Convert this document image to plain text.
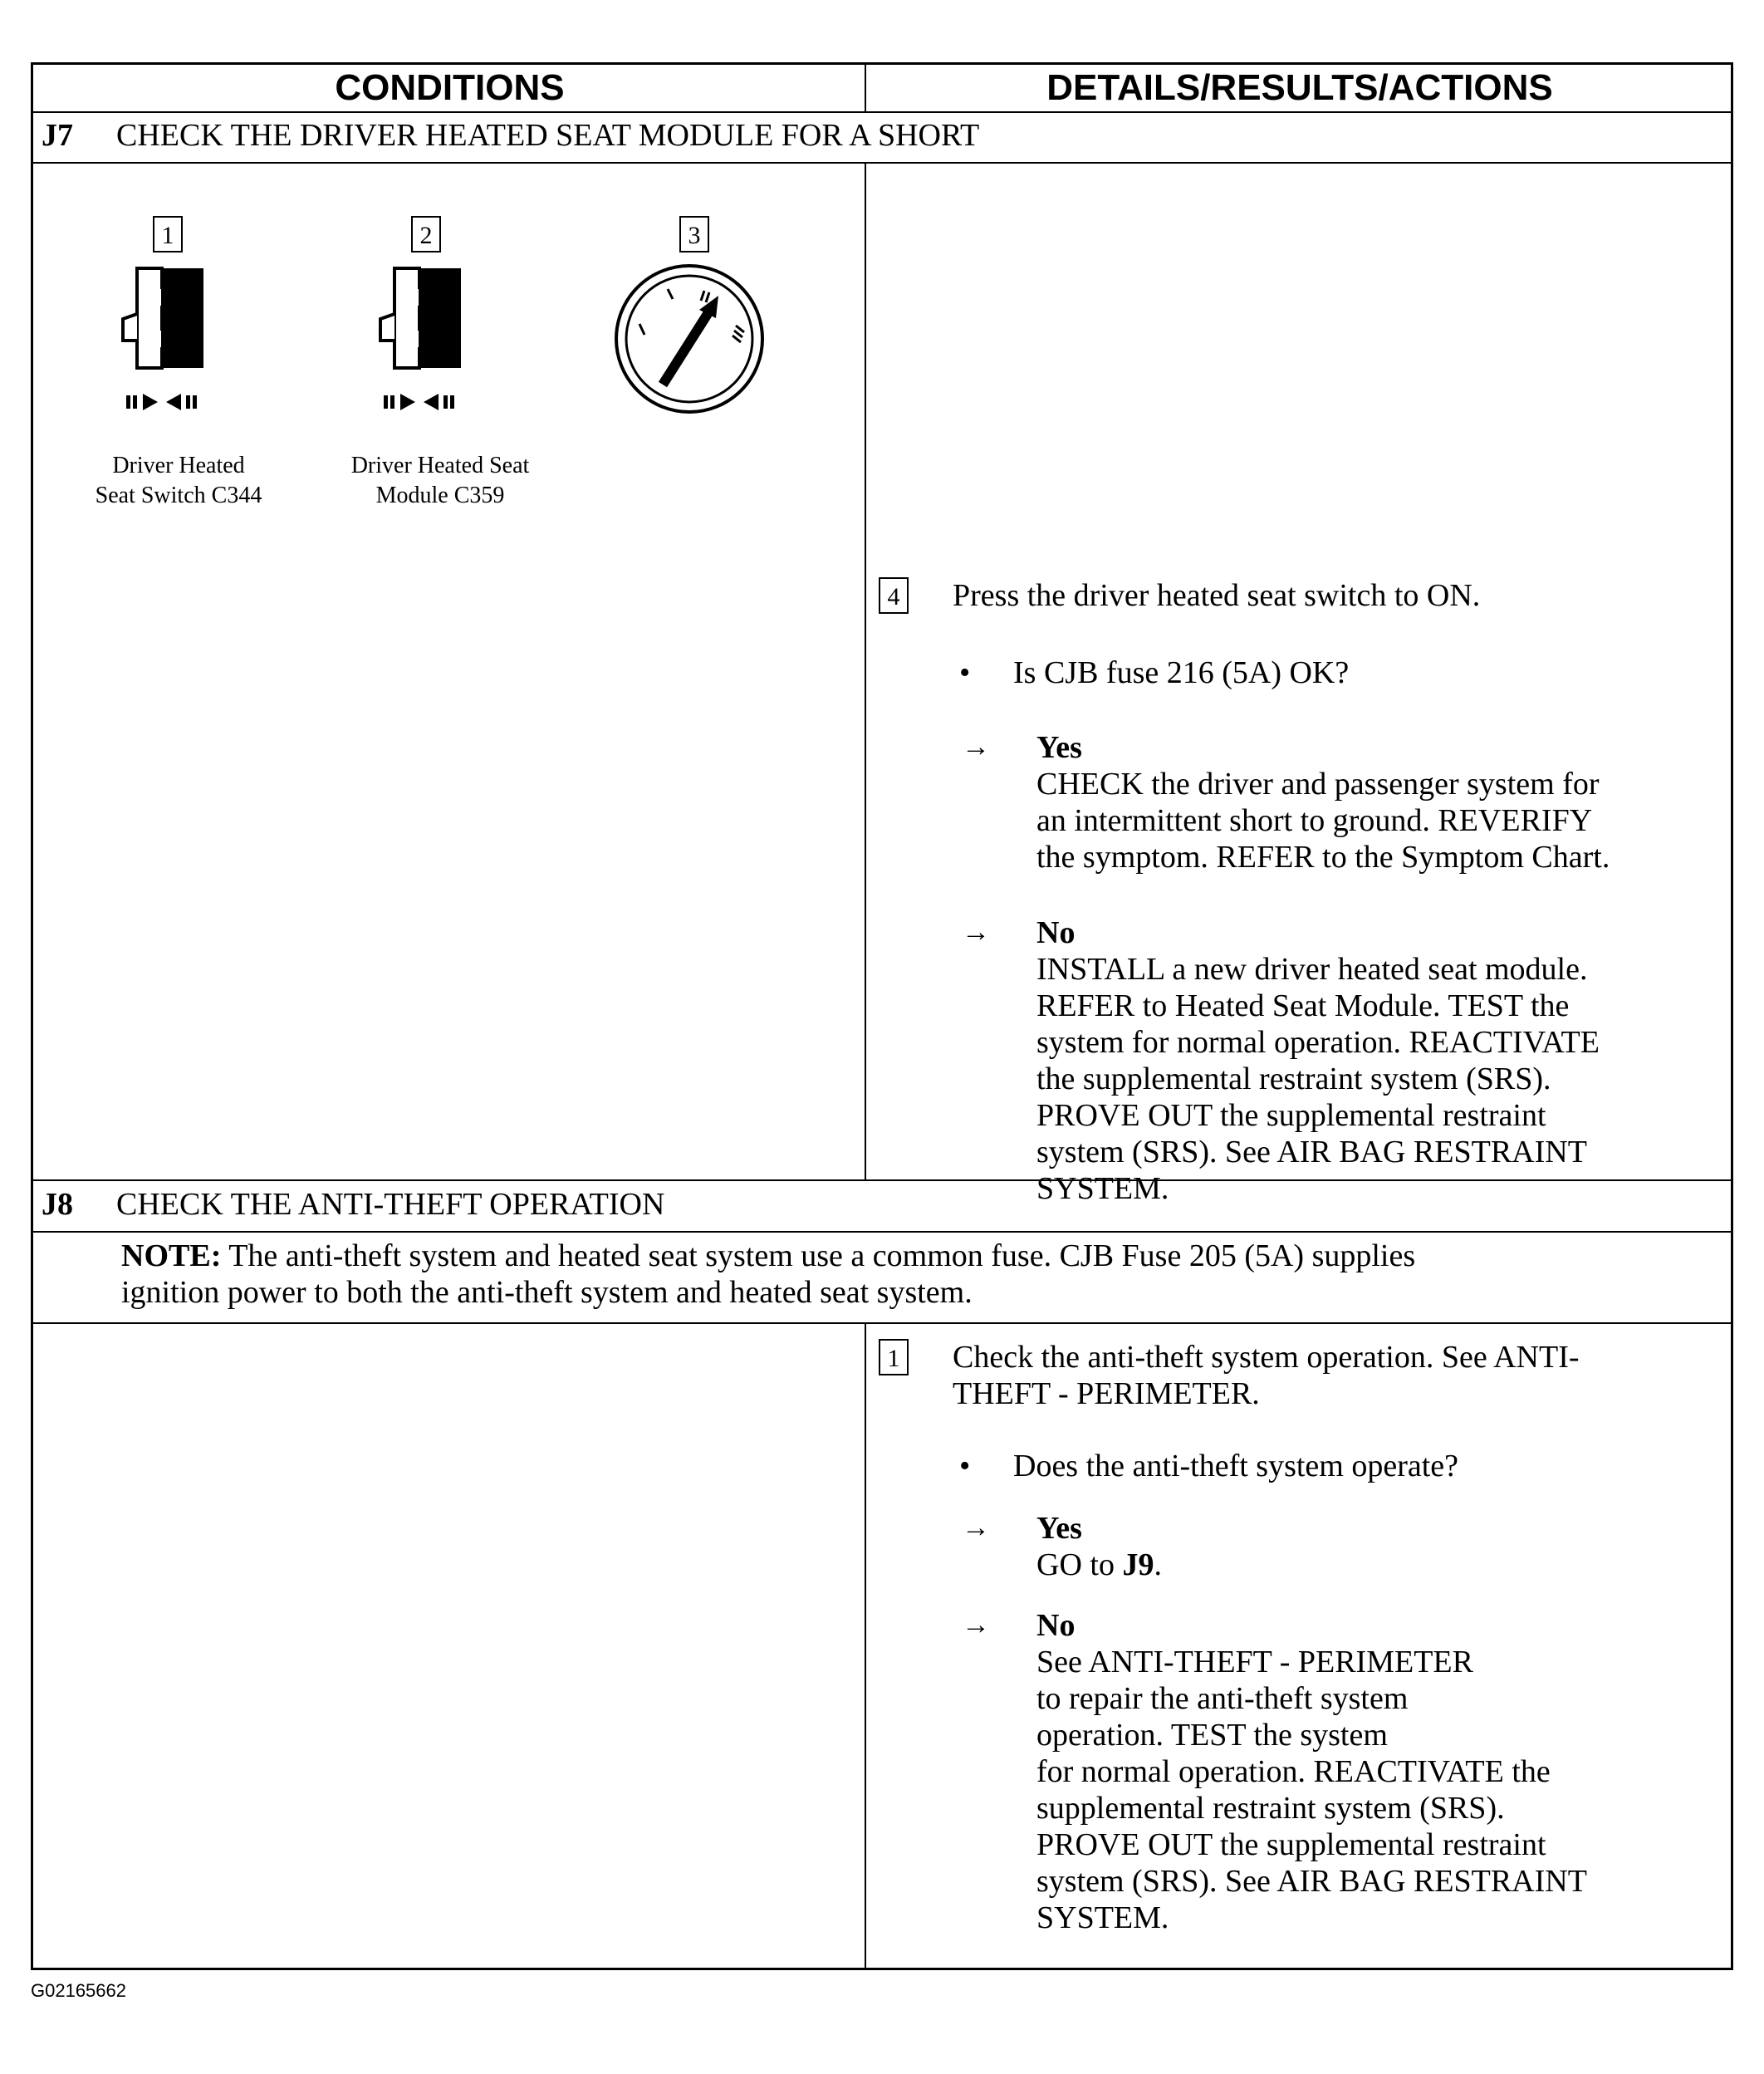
CONDITIONS	DETAILS/RESULTS/ACTIONS
J7 CHECK THE DRIVER HEATED SEAT MODULE FOR A SHORT
1
Driver Heated
Seat Switch C344
2
Driver Heated Seat
Module C359
3
4 Press the driver heated seat switch to ON.
• Is CJB fuse 216 (5A) OK?
→ Yes
CHECK the driver and passenger system for
an intermittent short to ground. REVERIFY
the symptom. REFER to the Symptom Chart.
→ No
INSTALL a new driver heated seat module.
REFER to Heated Seat Module. TEST the
system for normal operation. REACTIVATE
the supplemental restraint system (SRS).
PROVE OUT the supplemental restraint
system (SRS). See AIR BAG RESTRAINT
SYSTEM.
J8 CHECK THE ANTI-THEFT OPERATION
NOTE: The anti-theft system and heated seat system use a common fuse. CJB Fuse 205 (5A) supplies
ignition power to both the anti-theft system and heated seat system.
1 Check the anti-theft system operation. See ANTI-
THEFT - PERIMETER.
• Does the anti-theft system operate?
→ Yes
GO to J9.
→ No
See ANTI-THEFT - PERIMETER
to repair the anti-theft system
operation. TEST the system
for normal operation. REACTIVATE the
supplemental restraint system (SRS).
PROVE OUT the supplemental restraint
system (SRS). See AIR BAG RESTRAINT
SYSTEM.
G02165662
